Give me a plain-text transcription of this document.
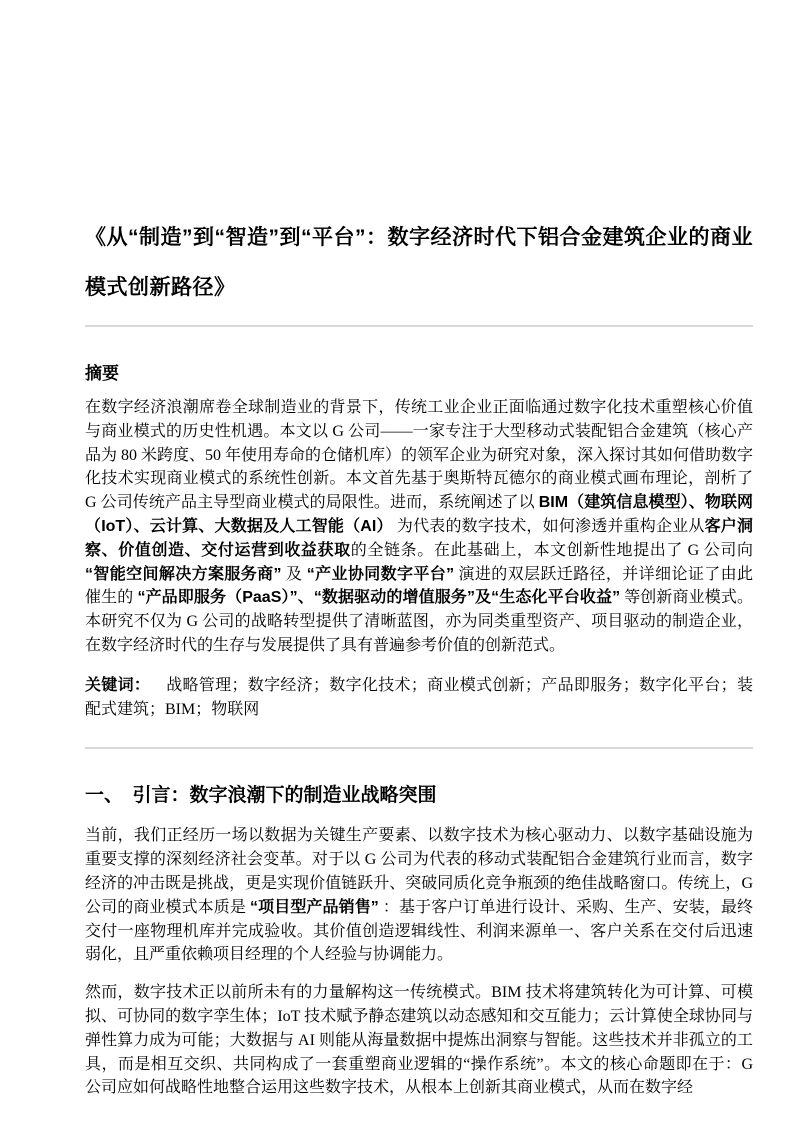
《从“制造”到“智造”到“平台”：数字经济时代下铝合金建筑企业的商业模式创新路径》
摘要

在数字经济浪潮席卷全球制造业的背景下，传统工业企业正面临通过数字化技术重塑核心价值与商业模式的历史性机遇。本文以 G 公司——一家专注于大型移动式装配铝合金建筑（核心产品为 80 米跨度、50 年使用寿命的仓储机库）的领军企业为研究对象，深入探讨其如何借助数字化技术实现商业模式的系统性创新。本文首先基于奥斯特瓦德尔的商业模式画布理论，剖析了 G 公司传统产品主导型商业模式的局限性。进而，系统阐述了以 BIM（建筑信息模型）、物联网（IoT）、云计算、大数据及人工智能（AI） 为代表的数字技术，如何渗透并重构企业从客户洞察、价值创造、交付运营到收益获取的全链条。在此基础上，本文创新性地提出了 G 公司向 “智能空间解决方案服务商” 及 “产业协同数字平台” 演进的双层跃迁路径，并详细论证了由此催生的 “产品即服务（PaaS）”、“数据驱动的增值服务”及“生态化平台收益” 等创新商业模式。本研究不仅为 G 公司的战略转型提供了清晰蓝图，亦为同类重型资产、项目驱动的制造企业，在数字经济时代的生存与发展提供了具有普遍参考价值的创新范式。

关键词： 战略管理；数字经济；数字化技术；商业模式创新；产品即服务；数字化平台；装配式建筑；BIM；物联网

一、　引言：数字浪潮下的制造业战略突围

当前，我们正经历一场以数据为关键生产要素、以数字技术为核心驱动力、以数字基础设施为重要支撑的深刻经济社会变革。对于以 G 公司为代表的移动式装配铝合金建筑行业而言，数字经济的冲击既是挑战，更是实现价值链跃升、突破同质化竞争瓶颈的绝佳战略窗口。传统上，G 公司的商业模式本质是 “项目型产品销售” ：基于客户订单进行设计、采购、生产、安装，最终交付一座物理机库并完成验收。其价值创造逻辑线性、利润来源单一、客户关系在交付后迅速弱化，且严重依赖项目经理的个人经验与协调能力。

然而，数字技术正以前所未有的力量解构这一传统模式。BIM 技术将建筑转化为可计算、可模拟、可协同的数字孪生体；IoT 技术赋予静态建筑以动态感知和交互能力；云计算使全球协同与弹性算力成为可能；大数据与 AI 则能从海量数据中提炼出洞察与智能。这些技术并非孤立的工具，而是相互交织、共同构成了一套重塑商业逻辑的“操作系统”。本文的核心命题即在于：G 公司应如何战略性地整合运用这些数字技术，从根本上创新其商业模式，从而在数字经
